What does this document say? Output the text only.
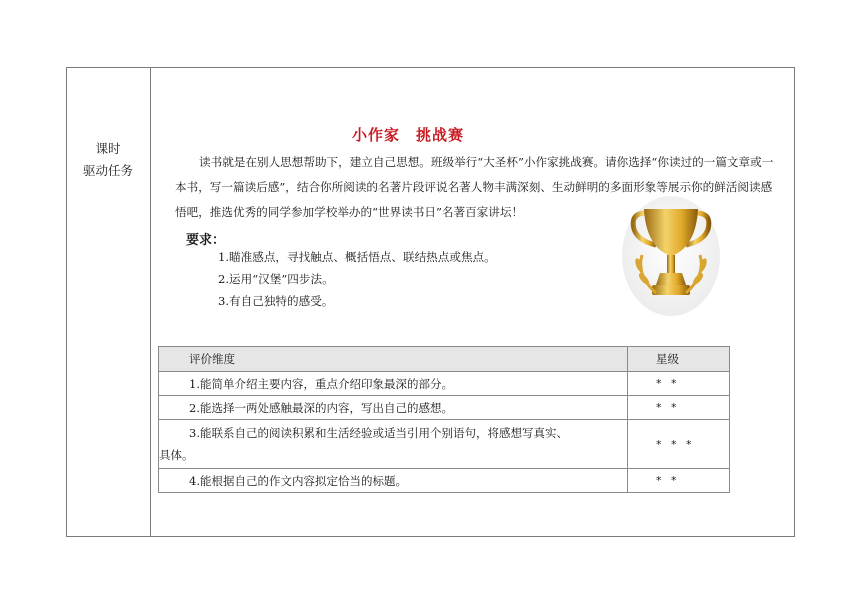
课时
驱动任务
小作家　挑战赛
读书就是在别人思想帮助下，建立自己思想。班级举行“大圣杯”小作家挑战赛。请你选择“你读过的一篇文章或一本书，写一篇读后感”，结合你所阅读的名著片段评说名著人物丰满深刻、生动鲜明的多面形象等展示你的鲜活阅读感悟吧，推选优秀的同学参加学校举办的“世界读书日”名著百家讲坛！
要求：
1.瞄准感点，寻找触点、概括悟点、联结热点或焦点。
2.运用“汉堡”四步法。
3.有自己独特的感受。
评价维度	星级
1.能简单介绍主要内容，重点介绍印象最深的部分。	* *
2.能选择一两处感触最深的内容，写出自己的感想。	* *

3.能联系自己的阅读积累和生活经验或适当引用个别语句，将感想写真实、
具体。	* * *
4.能根据自己的作文内容拟定恰当的标题。	* *
